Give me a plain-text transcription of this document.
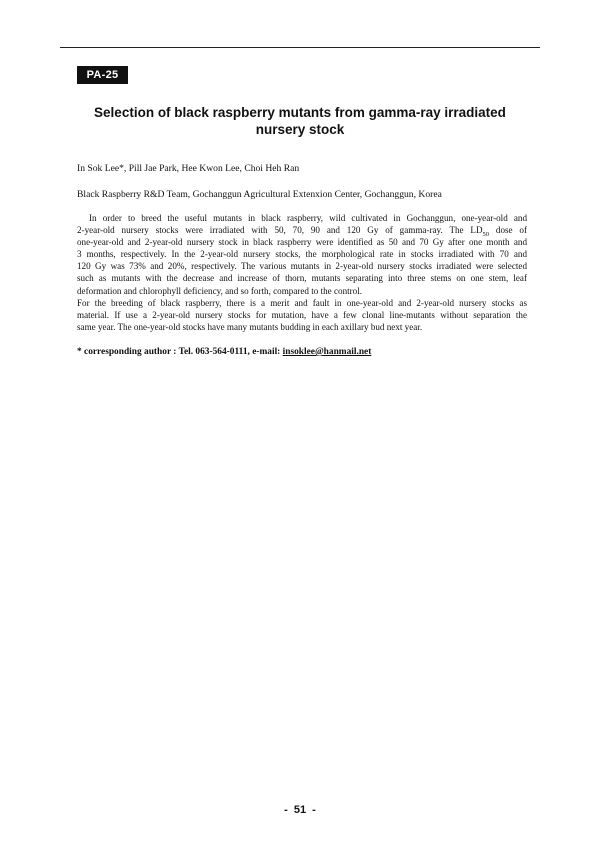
PA-25
Selection of black raspberry mutants from gamma-ray irradiated
nursery stock

In Sok Lee*, Pill Jae Park, Hee Kwon Lee, Choi Heh Ran

Black Raspberry R&D Team, Gochanggun Agricultural Extenxion Center, Gochanggun, Korea

In order to breed the useful mutants in black raspberry, wild cultivated in Gochanggun, one-year-old and
2-year-old nursery stocks were irradiated with 50, 70, 90 and 120 Gy of gamma-ray. The $LD_{50}$ dose of
one-year-old and 2-year-old nursery stock in black raspberry were identified as 50 and 70 Gy after one month and
3 months, respectively. In the 2-year-old nursery stocks, the morphological rate in stocks irradiated with 70 and
120 Gy was 73% and 20%, respectively. The various mutants in 2-year-old nursery stocks irradiated were selected
such as mutants with the decrease and increase of thorn, mutants separating into three stems on one stem, leaf
deformation and chlorophyll deficiency, and so forth, compared to the control.
For the breeding of black raspberry, there is a merit and fault in one-year-old and 2-year-old nursery stocks as
material. If use a 2-year-old nursery stocks for mutation, have a few clonal line-mutants without separation the
same year. The one-year-old stocks have many mutants budding in each axillary bud next year.

* corresponding author : Tel. 063-564-0111, e-mail: insoklee@hanmail.net

- 51 -
